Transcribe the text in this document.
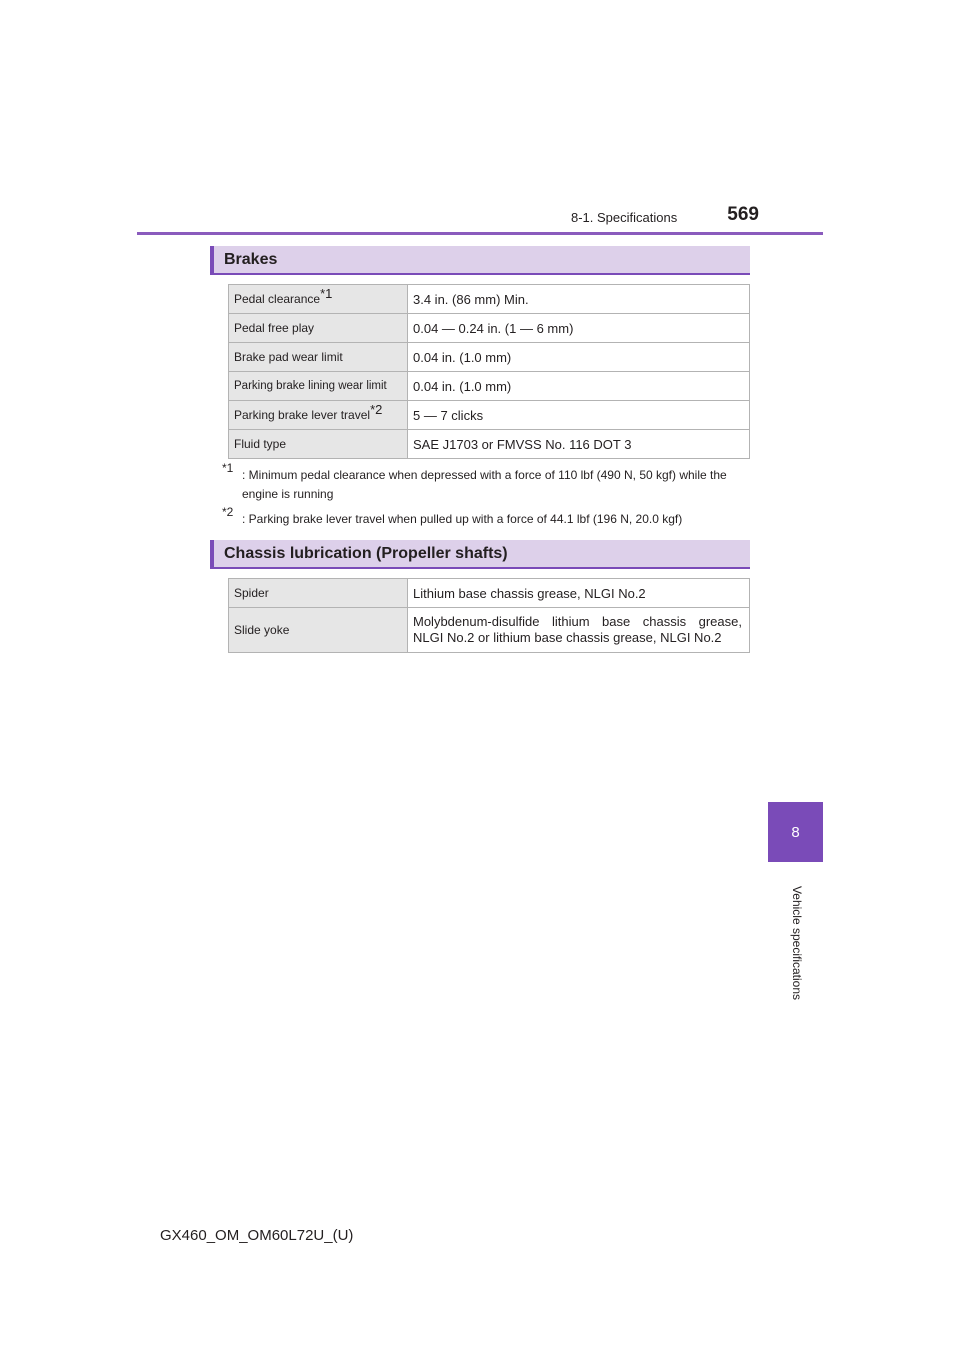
8-1. Specifications	569
8
Vehicle specifications
Brakes
Pedal clearance*1	3.4 in. (86 mm) Min.
Pedal free play	0.04 — 0.24 in. (1 — 6 mm)
Brake pad wear limit	0.04 in. (1.0 mm)
Parking brake lining wear limit	0.04 in. (1.0 mm)
Parking brake lever travel*2	5 — 7 clicks
Fluid type	SAE J1703 or FMVSS No. 116 DOT 3
*1 : Minimum pedal clearance when depressed with a force of 110 lbf (490 N, 50 kgf) while the engine is running
*2 : Parking brake lever travel when pulled up with a force of 44.1 lbf (196 N, 20.0 kgf)
Chassis lubrication (Propeller shafts)
Spider	Lithium base chassis grease, NLGI No.2
Slide yoke	Molybdenum-disulfide lithium base chassis grease,
NLGI No.2 or lithium base chassis grease, NLGI No.2
GX460_OM_OM60L72U_(U)
